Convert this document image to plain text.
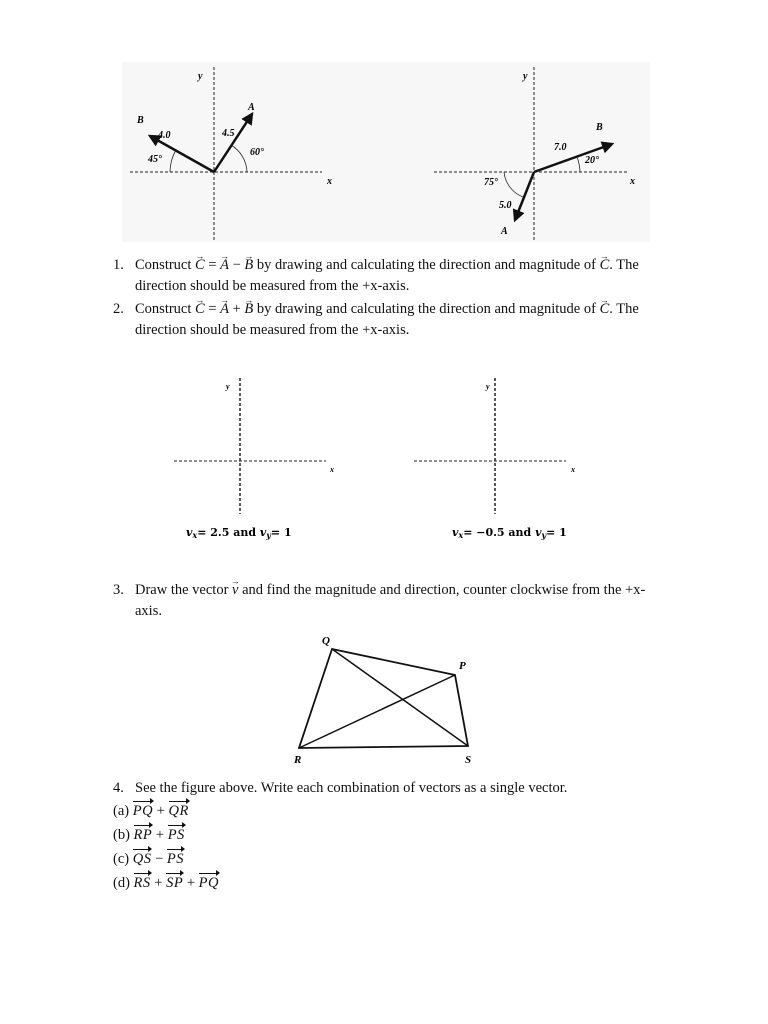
x
y
A
B
4.5
4.0
60°
45°
x
y
B
A
7.0
5.0
20°
75°
1. Construct → C = → A − → B by drawing and calculating the direction and magnitude of → C. The
direction should be measured from the +x-axis.
2. Construct → C = → A + → B by drawing and calculating the direction and magnitude of → C. The
direction should be measured from the +x-axis.
x
y
vx= 2.5 and vy= 1
x
y
vx= −0.5 and vy= 1
3. Draw the vector → v and find the magnitude and direction, counter clockwise from the +x-
axis.
Q
P
R	S
4. See the figure above. Write each combination of vectors as a single vector.
(a) PQ + QR
(b) RP + PS
(c) QS − PS
(d) RS + SP + PQ
